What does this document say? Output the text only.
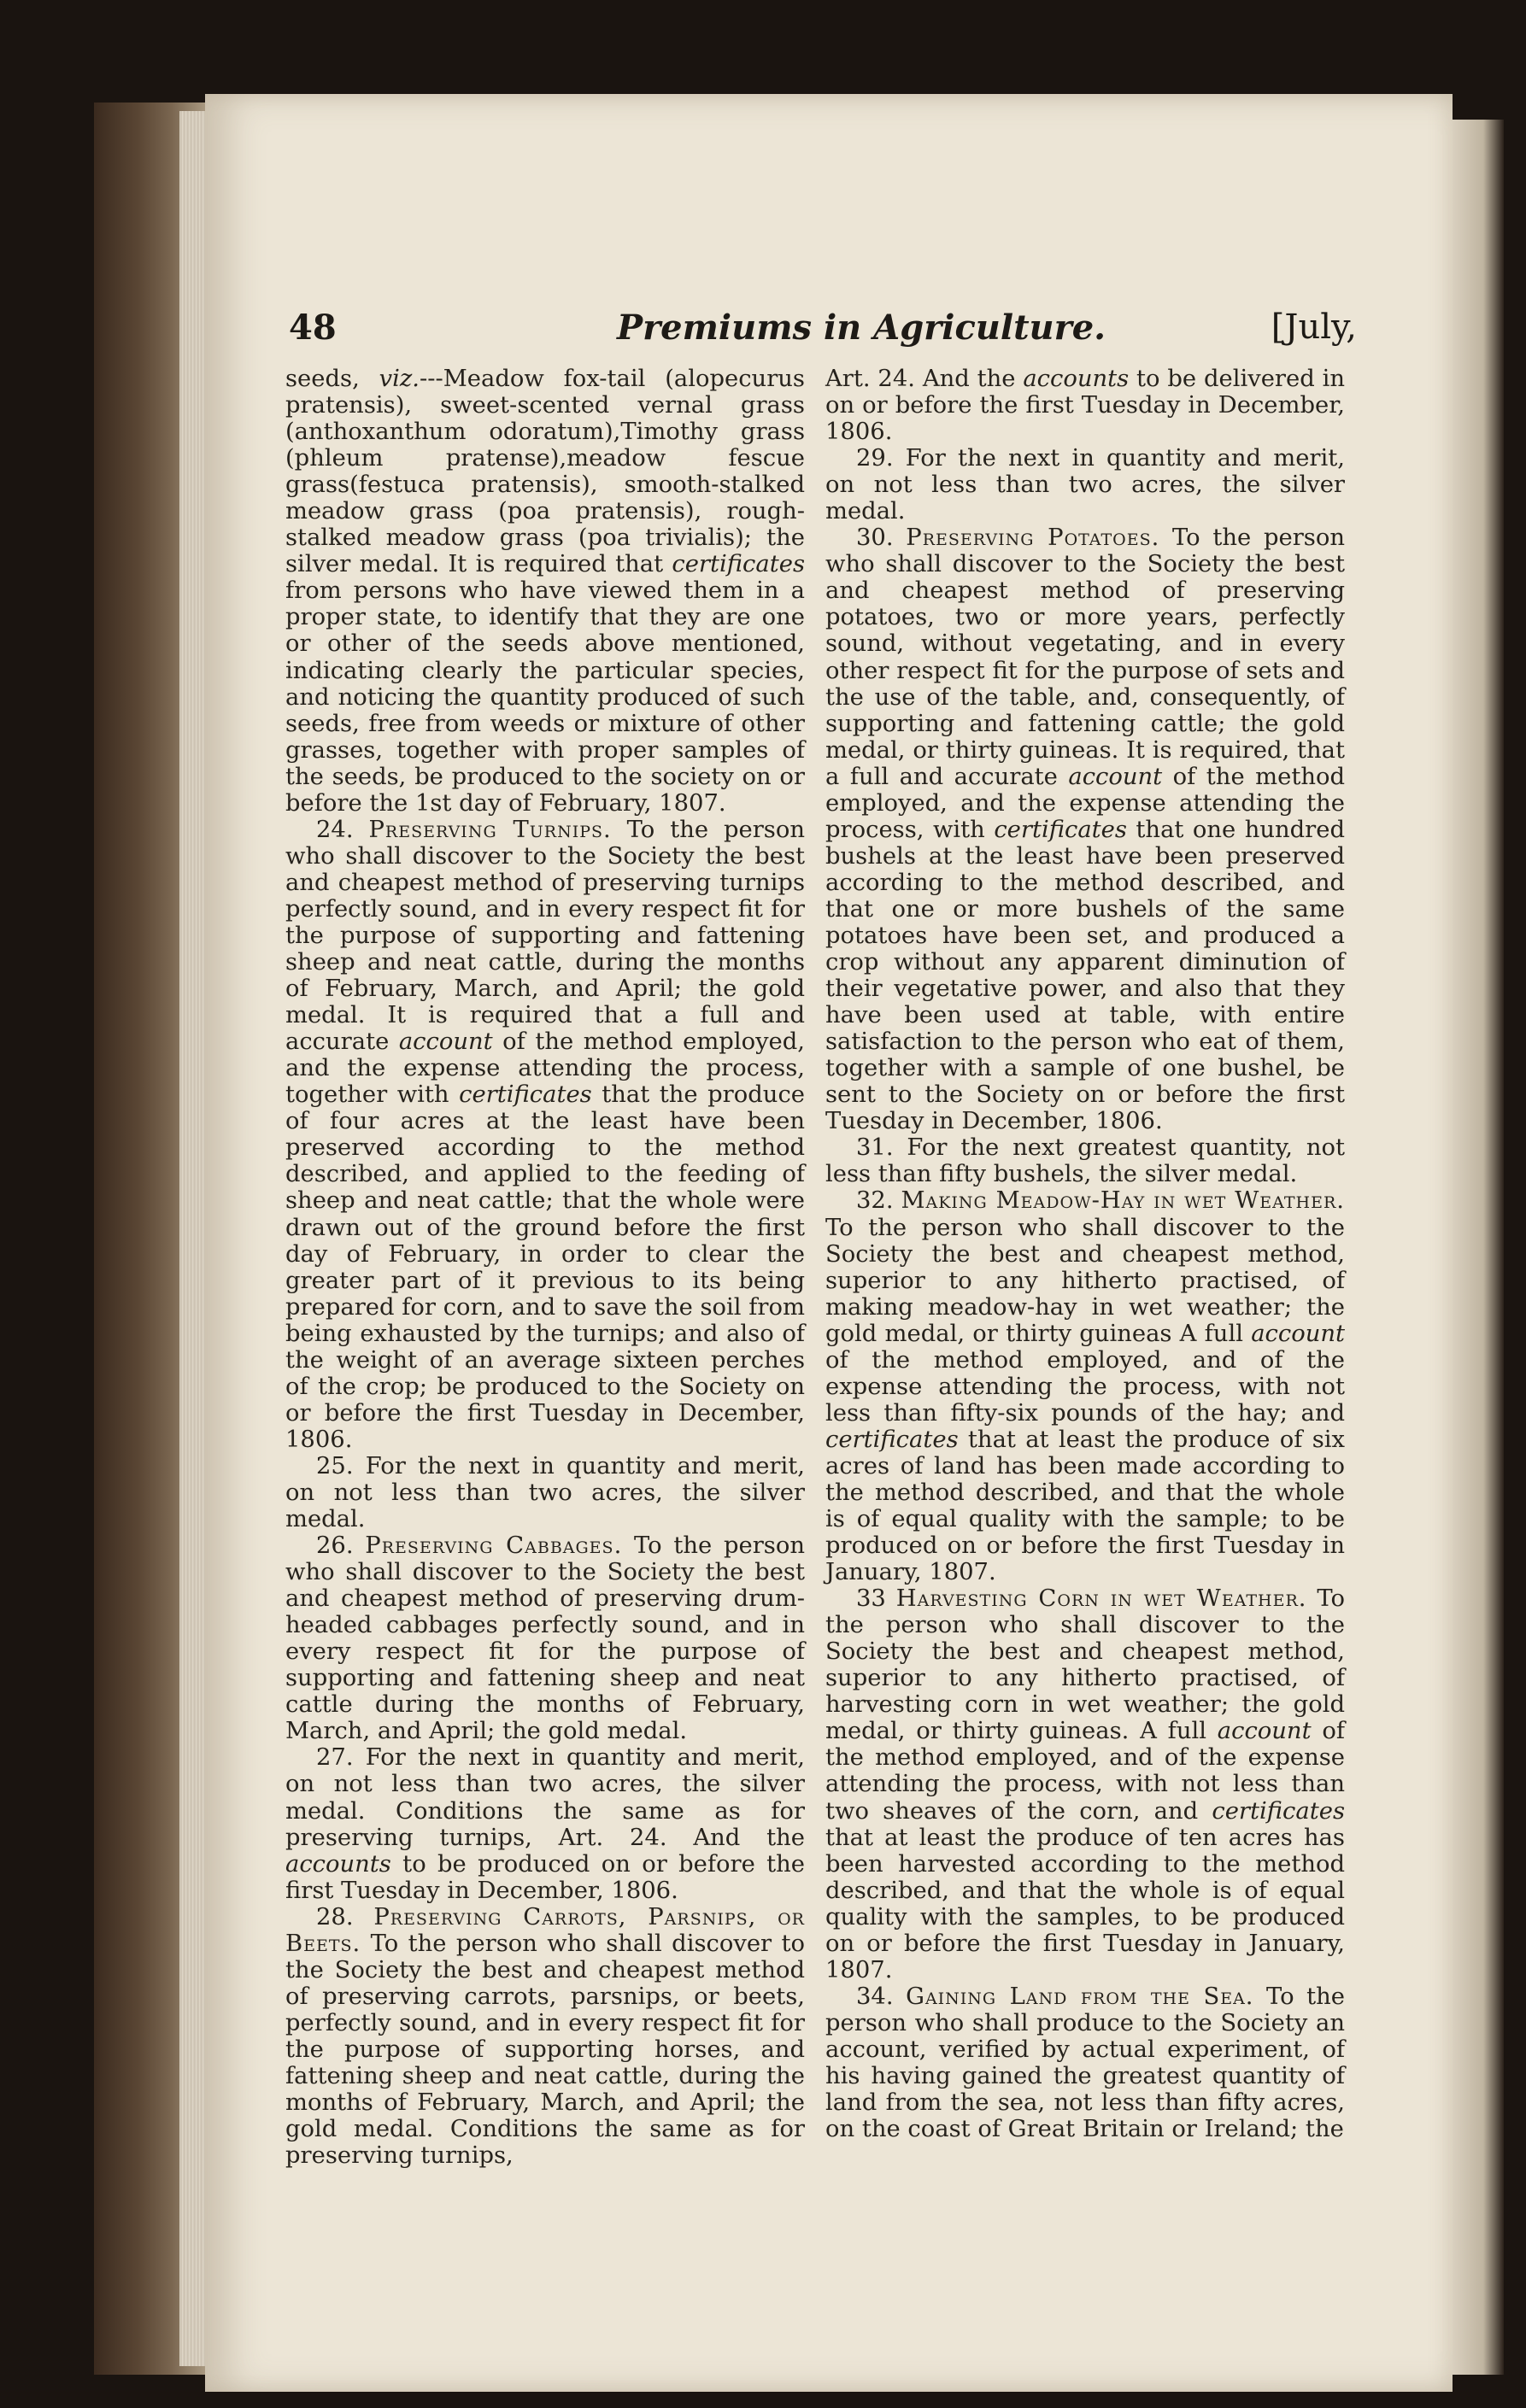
48	Premiums in Agriculture.	[July,

seeds, viz.---Meadow fox-tail (alopecurus pratensis), sweet-scented vernal grass (anthoxanthum odoratum),Timothy grass (phleum pratense),meadow fescue grass(festuca pratensis), smooth-stalked meadow grass (poa pratensis), rough-stalked meadow grass (poa trivialis); the silver medal. It is required that certificates from persons who have viewed them in a proper state, to identify that they are one or other of the seeds above mentioned, indicating clearly the particular species, and noticing the quantity produced of such seeds, free from weeds or mixture of other grasses, together with proper samples of the seeds, be produced to the society on or before the 1st day of February, 1807.

24. Preserving Turnips. To the person who shall discover to the Society the best and cheapest method of preserving turnips perfectly sound, and in every respect fit for the purpose of supporting and fattening sheep and neat cattle, during the months of February, March, and April; the gold medal. It is required that a full and accurate account of the method employed, and the expense attending the process, together with certificates that the produce of four acres at the least have been preserved according to the method described, and applied to the feeding of sheep and neat cattle; that the whole were drawn out of the ground before the first day of February, in order to clear the greater part of it previous to its being prepared for corn, and to save the soil from being exhausted by the turnips; and also of the weight of an average sixteen perches of the crop; be produced to the Society on or before the first Tuesday in December, 1806.

25. For the next in quantity and merit, on not less than two acres, the silver medal.

26. Preserving Cabbages. To the person who shall discover to the Society the best and cheapest method of preserving drum-headed cabbages perfectly sound, and in every respect fit for the purpose of supporting and fattening sheep and neat cattle during the months of February, March, and April; the gold medal.

27. For the next in quantity and merit, on not less than two acres, the silver medal. Conditions the same as for preserving turnips, Art. 24. And the accounts to be produced on or before the first Tuesday in December, 1806.

28. Preserving Carrots, Parsnips, or Beets. To the person who shall discover to the Society the best and cheapest method of preserving carrots, parsnips, or beets, perfectly sound, and in every respect fit for the purpose of supporting horses, and fattening sheep and neat cattle, during the months of February, March, and April; the gold medal. Conditions the same as for preserving turnips,

Art. 24. And the accounts to be delivered in on or before the first Tuesday in December, 1806.

29. For the next in quantity and merit, on not less than two acres, the silver medal.

30. Preserving Potatoes. To the person who shall discover to the Society the best and cheapest method of preserving potatoes, two or more years, perfectly sound, without vegetating, and in every other respect fit for the purpose of sets and the use of the table, and, consequently, of supporting and fattening cattle; the gold medal, or thirty guineas. It is required, that a full and accurate account of the method employed, and the expense attending the process, with certificates that one hundred bushels at the least have been preserved according to the method described, and that one or more bushels of the same potatoes have been set, and produced a crop without any apparent diminution of their vegetative power, and also that they have been used at table, with entire satisfaction to the person who eat of them, together with a sample of one bushel, be sent to the Society on or before the first Tuesday in December, 1806.

31. For the next greatest quantity, not less than fifty bushels, the silver medal.

32. Making Meadow-Hay in wet Weather. To the person who shall discover to the Society the best and cheapest method, superior to any hitherto practised, of making meadow-hay in wet weather; the gold medal, or thirty guineas A full account of the method employed, and of the expense attending the process, with not less than fifty-six pounds of the hay; and certificates that at least the produce of six acres of land has been made according to the method described, and that the whole is of equal quality with the sample; to be produced on or before the first Tuesday in January, 1807.

33 Harvesting Corn in wet Weather. To the person who shall discover to the Society the best and cheapest method, superior to any hitherto practised, of harvesting corn in wet weather; the gold medal, or thirty guineas. A full account of the method employed, and of the expense attending the process, with not less than two sheaves of the corn, and certificates that at least the produce of ten acres has been harvested according to the method described, and that the whole is of equal quality with the samples, to be produced on or before the first Tuesday in January, 1807.

34. Gaining Land from the Sea. To the person who shall produce to the Society an account, verified by actual experiment, of his having gained the greatest quantity of land from the sea, not less than fifty acres, on the coast of Great Britain or Ireland; the
